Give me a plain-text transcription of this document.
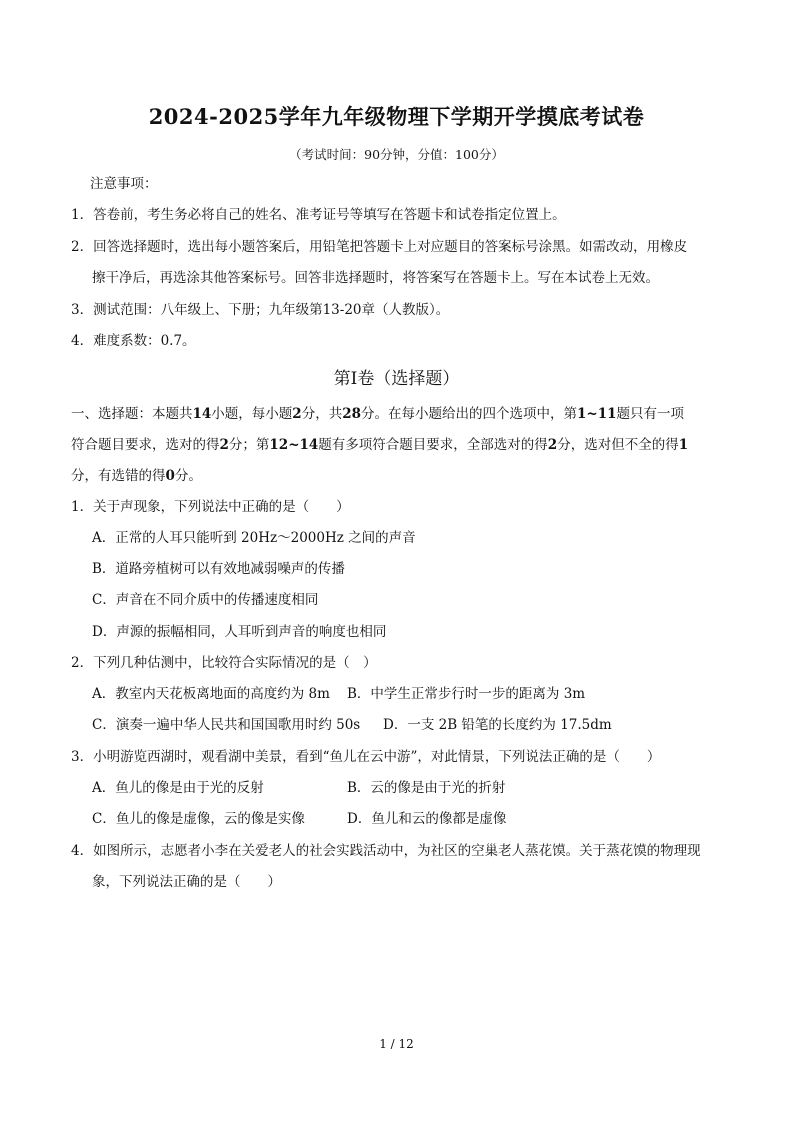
2024-2025学年九年级物理下学期开学摸底考试卷
（考试时间：90分钟，分值：100分）
注意事项：
1．答卷前，考生务必将自己的姓名、准考证号等填写在答题卡和试卷指定位置上。
2．回答选择题时，选出每小题答案后，用铅笔把答题卡上对应题目的答案标号涂黑。如需改动，用橡皮
擦干净后，再选涂其他答案标号。回答非选择题时，将答案写在答题卡上。写在本试卷上无效。
3．测试范围：八年级上、下册；九年级第13-20章（人教版）。
4．难度系数：0.7。
第Ⅰ卷（选择题）
一、选择题：本题共14小题，每小题2分，共28分。在每小题给出的四个选项中，第1~11题只有一项
符合题目要求，选对的得2分；第12~14题有多项符合题目要求，全部选对的得2分，选对但不全的得1
分，有选错的得0分。
1．关于声现象，下列说法中正确的是（　　）
A．正常的人耳只能听到 20Hz～2000Hz 之间的声音
B．道路旁植树可以有效地减弱噪声的传播
C．声音在不同介质中的传播速度相同
D．声源的振幅相同，人耳听到声音的响度也相同
2．下列几种估测中，比较符合实际情况的是（　）
A．教室内天花板离地面的高度约为 8m B．中学生正常步行时一步的距离为 3m
C．演奏一遍中华人民共和国国歌用时约 50s D．一支 2B 铅笔的长度约为 17.5dm
3．小明游览西湖时，观看湖中美景，看到“鱼儿在云中游”，对此情景，下列说法正确的是（　　）
A．鱼儿的像是由于光的反射	B．云的像是由于光的折射
C．鱼儿的像是虚像，云的像是实像	D．鱼儿和云的像都是虚像
4．如图所示，志愿者小李在关爱老人的社会实践活动中，为社区的空巢老人蒸花馍。关于蒸花馍的物理现
象，下列说法正确的是（　　）
1 / 12
